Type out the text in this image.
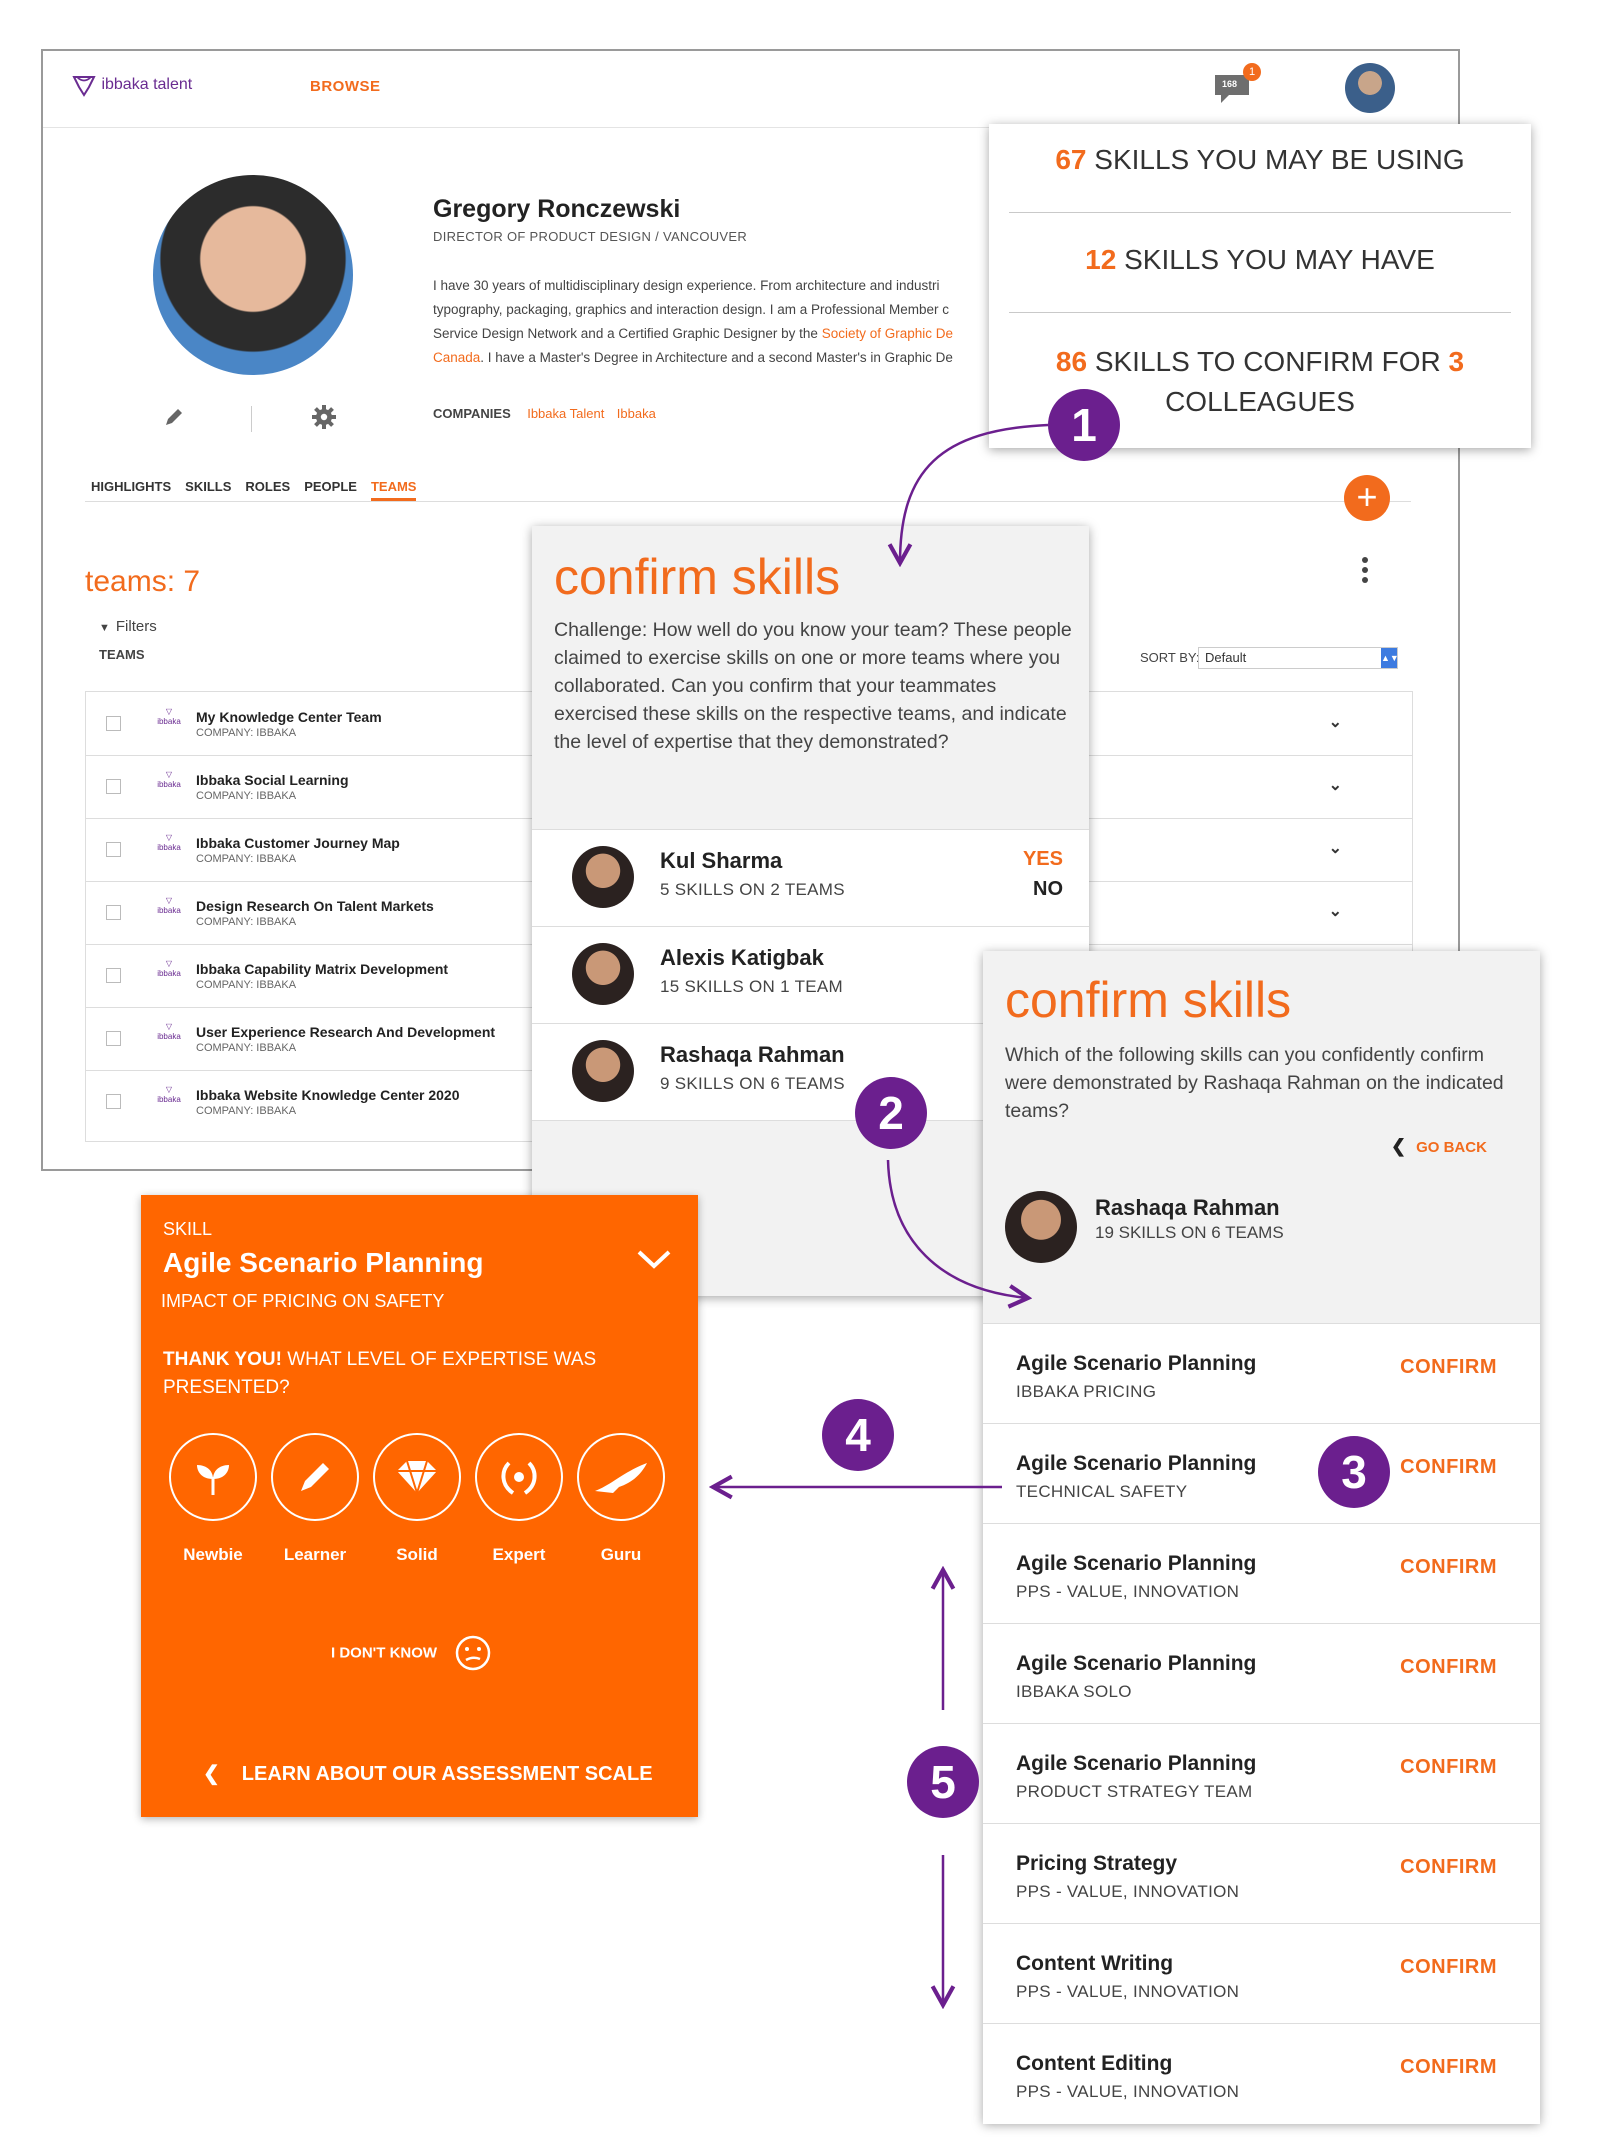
ibbaka talent	BROWSE	168
1
Gregory Ronczewski
DIRECTOR OF PRODUCT DESIGN / VANCOUVER
I have 30 years of multidisciplinary design experience. From architecture and industri
typography, packaging, graphics and interaction design. I am a Professional Member c
Service Design Network and a Certified Graphic Designer by the Society of Graphic De
Canada. I have a Master's Degree in Architecture and a second Master's in Graphic De
COMPANIES Ibbaka Talent Ibbaka
HIGHLIGHTS SKILLS ROLES PEOPLE TEAMS	+
teams: 7
▼ Filters
TEAMS	SORT BY: Default	▲▼
▽
ibbaka My Knowledge Center Team
COMPANY: IBBAKA
⌄
▽
ibbaka Ibbaka Social Learning
COMPANY: IBBAKA
⌄
▽
ibbaka Ibbaka Customer Journey Map
COMPANY: IBBAKA
⌄
▽
ibbaka Design Research On Talent Markets
COMPANY: IBBAKA
⌄
▽
ibbaka Ibbaka Capability Matrix Development
COMPANY: IBBAKA
▽
ibbaka User Experience Research And Development
COMPANY: IBBAKA
▽
ibbaka Ibbaka Website Knowledge Center 2020
COMPANY: IBBAKA
67 SKILLS YOU MAY BE USING
12 SKILLS YOU MAY HAVE
86 SKILLS TO CONFIRM FOR 3
COLLEAGUES
confirm skills
Challenge: How well do you know your team? These people claimed to exercise skills on one or more teams where you collaborated. Can you confirm that your teammates exercised these skills on the respective teams, and indicate the level of expertise that they demonstrated?
Kul Sharma
5 SKILLS ON 2 TEAMS
YES
NO
Alexis Katigbak
15 SKILLS ON 1 TEAM
Rashaqa Rahman
9 SKILLS ON 6 TEAMS
confirm skills
Which of the following skills can you confidently confirm were demonstrated by Rashaqa Rahman on the indicated teams?
❮ GO BACK
Rashaqa Rahman
19 SKILLS ON 6 TEAMS
Agile Scenario Planning
IBBAKA PRICING
CONFIRM
Agile Scenario Planning
TECHNICAL SAFETY
CONFIRM
Agile Scenario Planning
PPS - VALUE, INNOVATION
CONFIRM
Agile Scenario Planning
IBBAKA SOLO
CONFIRM
Agile Scenario Planning
PRODUCT STRATEGY TEAM
CONFIRM
Pricing Strategy
PPS - VALUE, INNOVATION
CONFIRM
Content Writing
PPS - VALUE, INNOVATION
CONFIRM
Content Editing
PPS - VALUE, INNOVATION
CONFIRM
SKILL
Agile Scenario Planning
IMPACT OF PRICING ON SAFETY
THANK YOU! WHAT LEVEL OF EXPERTISE WAS PRESENTED?
Newbie	Learner	Solid	Expert	Guru
I DON'T KNOW
❮ LEARN ABOUT OUR ASSESSMENT SCALE
1
2
3
4
5
